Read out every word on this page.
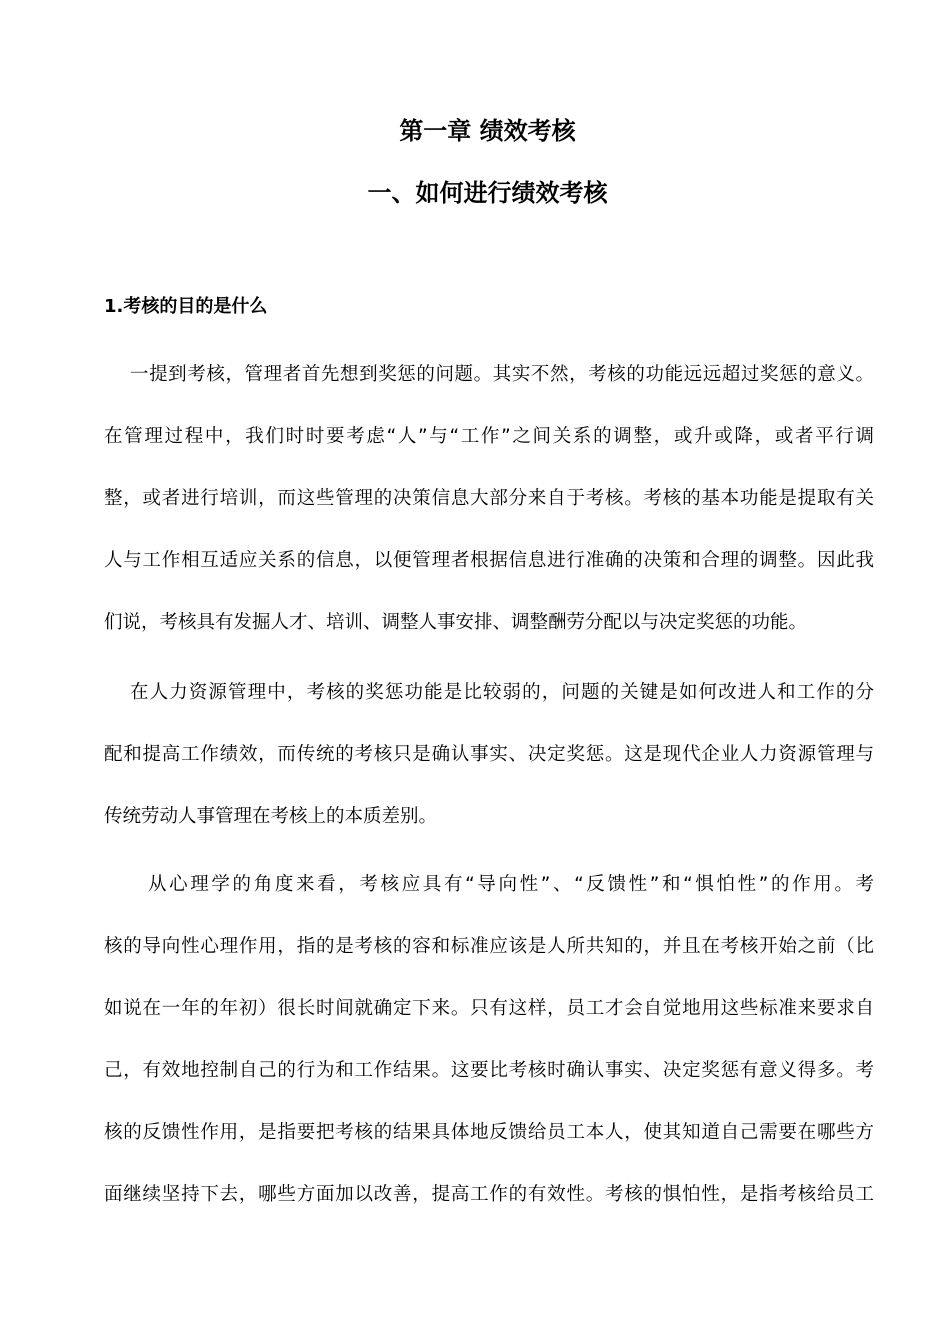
第一章 绩效考核
一、如何进行绩效考核
1.考核的目的是什么
一提到考核，管理者首先想到奖惩的问题。其实不然，考核的功能远远超过奖惩的意义。
在管理过程中，我们时时要考虑“人”与“工作”之间关系的调整，或升或降，或者平行调
整，或者进行培训，而这些管理的决策信息大部分来自于考核。考核的基本功能是提取有关
人与工作相互适应关系的信息，以便管理者根据信息进行准确的决策和合理的调整。因此我
们说，考核具有发掘人才、培训、调整人事安排、调整酬劳分配以与决定奖惩的功能。
在人力资源管理中，考核的奖惩功能是比较弱的，问题的关键是如何改进人和工作的分
配和提高工作绩效，而传统的考核只是确认事实、决定奖惩。这是现代企业人力资源管理与
传统劳动人事管理在考核上的本质差别。
从心理学的角度来看，考核应具有“导向性”、“反馈性”和“惧怕性”的作用。考
核的导向性心理作用，指的是考核的容和标准应该是人所共知的，并且在考核开始之前（比
如说在一年的年初）很长时间就确定下来。只有这样，员工才会自觉地用这些标准来要求自
己，有效地控制自己的行为和工作结果。这要比考核时确认事实、决定奖惩有意义得多。考
核的反馈性作用，是指要把考核的结果具体地反馈给员工本人，使其知道自己需要在哪些方
面继续坚持下去，哪些方面加以改善，提高工作的有效性。考核的惧怕性，是指考核给员工
